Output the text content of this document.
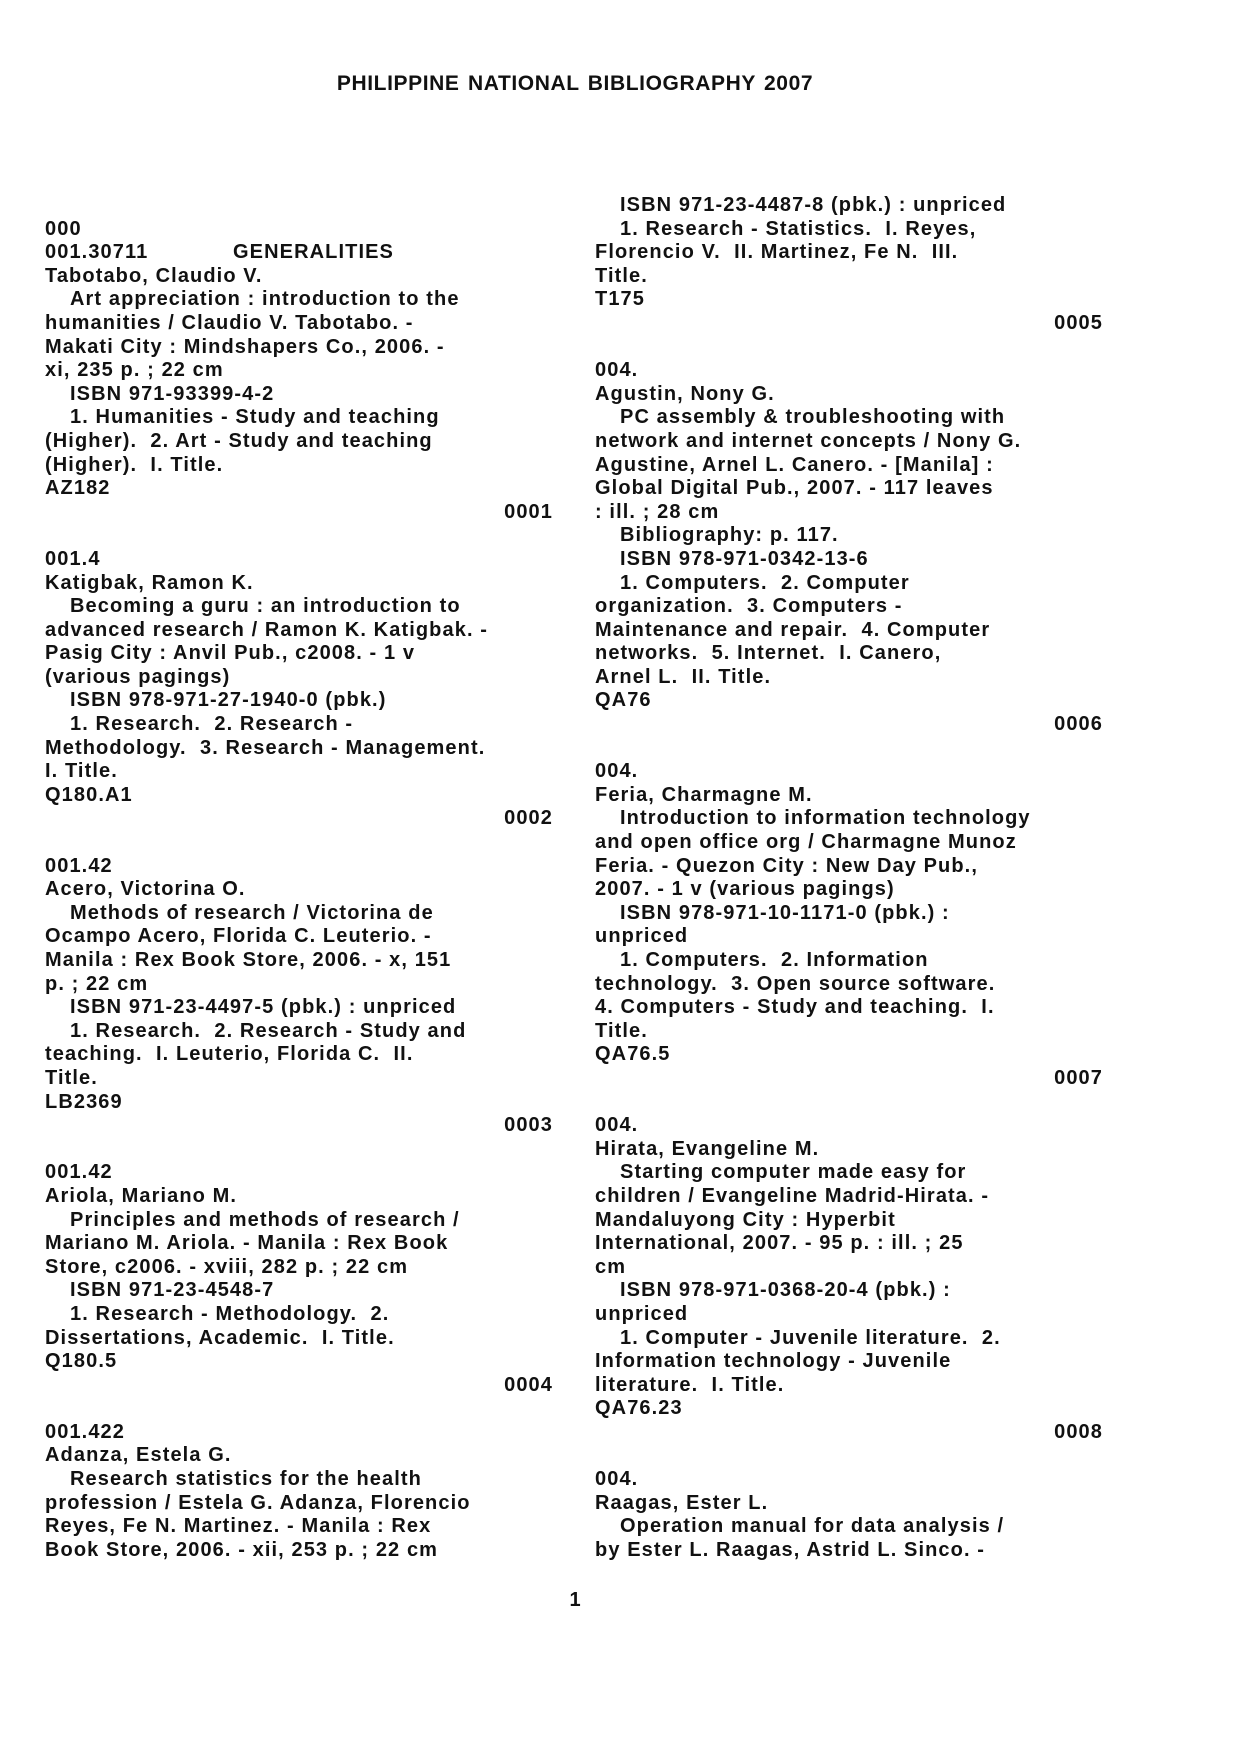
PHILIPPINE NATIONAL BIBLIOGRAPHY 2007

000

GENERALITIES

001.30711
Tabotabo, Claudio V.
Art appreciation : introduction to the
humanities / Claudio V. Tabotabo. -
Makati City : Mindshapers Co., 2006. -
xi, 235 p. ; 22 cm
ISBN 971-93399-4-2
1. Humanities - Study and teaching
(Higher).  2. Art - Study and teaching
(Higher).  I. Title.
AZ182
0001
001.4
Katigbak, Ramon K.
Becoming a guru : an introduction to
advanced research / Ramon K. Katigbak. -
Pasig City : Anvil Pub., c2008. - 1 v
(various pagings)
ISBN 978-971-27-1940-0 (pbk.)
1. Research.  2. Research -
Methodology.  3. Research - Management.
I. Title.
Q180.A1
0002
001.42
Acero, Victorina O.
Methods of research / Victorina de
Ocampo Acero, Florida C. Leuterio. -
Manila : Rex Book Store, 2006. - x, 151
p. ; 22 cm
ISBN 971-23-4497-5 (pbk.) : unpriced
1. Research.  2. Research - Study and
teaching.  I. Leuterio, Florida C.  II.
Title.
LB2369
0003
001.42
Ariola, Mariano M.
Principles and methods of research /
Mariano M. Ariola. - Manila : Rex Book
Store, c2006. - xviii, 282 p. ; 22 cm
ISBN 971-23-4548-7
1. Research - Methodology.  2.
Dissertations, Academic.  I. Title.
Q180.5
0004
001.422
Adanza, Estela G.
Research statistics for the health
profession / Estela G. Adanza, Florencio
Reyes, Fe N. Martinez. - Manila : Rex
Book Store, 2006. - xii, 253 p. ; 22 cm
ISBN 971-23-4487-8 (pbk.) : unpriced
1. Research - Statistics.  I. Reyes,
Florencio V.  II. Martinez, Fe N.  III.
Title.
T175
0005
004.
Agustin, Nony G.
PC assembly & troubleshooting with
network and internet concepts / Nony G.
Agustine, Arnel L. Canero. - [Manila] :
Global Digital Pub., 2007. - 117 leaves
: ill. ; 28 cm
Bibliography: p. 117.
ISBN 978-971-0342-13-6
1. Computers.  2. Computer
organization.  3. Computers -
Maintenance and repair.  4. Computer
networks.  5. Internet.  I. Canero,
Arnel L.  II. Title.
QA76
0006
004.
Feria, Charmagne M.
Introduction to information technology
and open office org / Charmagne Munoz
Feria. - Quezon City : New Day Pub.,
2007. - 1 v (various pagings)
ISBN 978-971-10-1171-0 (pbk.) :
unpriced
1. Computers.  2. Information
technology.  3. Open source software.
4. Computers - Study and teaching.  I.
Title.
QA76.5
0007
004.
Hirata, Evangeline M.
Starting computer made easy for
children / Evangeline Madrid-Hirata. -
Mandaluyong City : Hyperbit
International, 2007. - 95 p. : ill. ; 25
cm
ISBN 978-971-0368-20-4 (pbk.) :
unpriced
1. Computer - Juvenile literature.  2.
Information technology - Juvenile
literature.  I. Title.
QA76.23
0008
004.
Raagas, Ester L.
Operation manual for data analysis /
by Ester L. Raagas, Astrid L. Sinco. -
1
